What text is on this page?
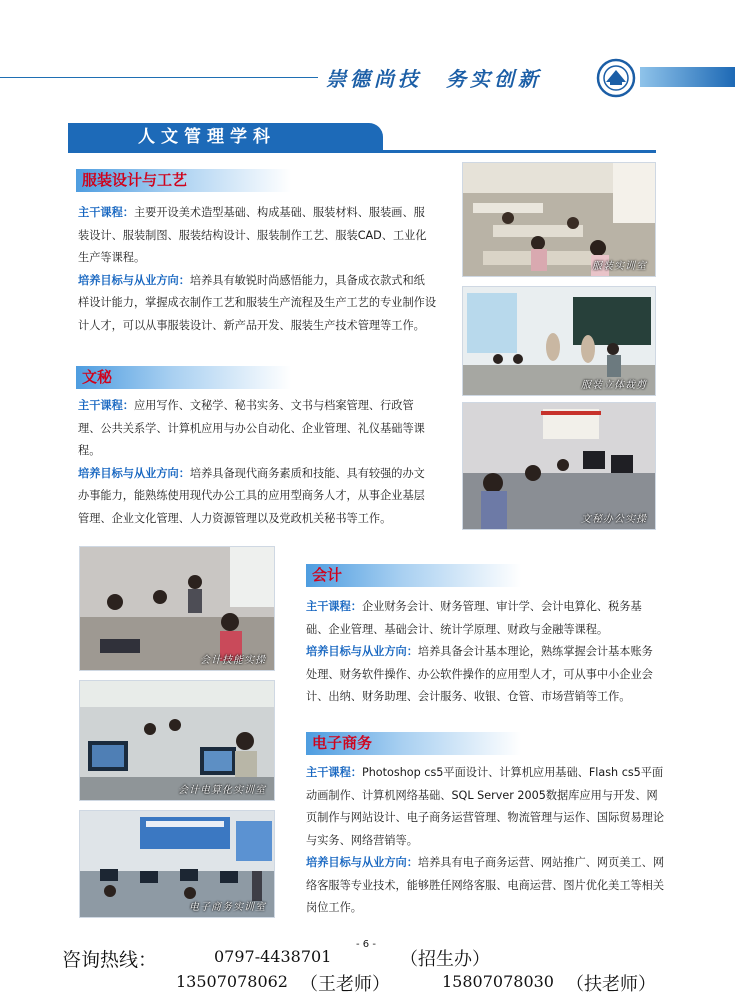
崇德尚技　务实创新
人文管理学科
服装设计与工艺
主干课程：主要开设美术造型基础、构成基础、服装材料、服装画、服装设计、服装制图、服装结构设计、服装制作工艺、服装CAD、工业化生产等课程。
培养目标与从业方向：培养具有敏锐时尚感悟能力，具备成衣款式和纸样设计能力，掌握成衣制作工艺和服装生产流程及生产工艺的专业制作设计人才，可以从事服装设计、新产品开发、服装生产技术管理等工作。
文秘
主干课程：应用写作、文秘学、秘书实务、文书与档案管理、行政管理、公共关系学、计算机应用与办公自动化、企业管理、礼仪基础等课程。
培养目标与从业方向：培养具备现代商务素质和技能、具有较强的办文办事能力，能熟练使用现代办公工具的应用型商务人才，从事企业基层管理、企业文化管理、人力资源管理以及党政机关秘书等工作。
会计
主干课程：企业财务会计、财务管理、审计学、会计电算化、税务基础、企业管理、基础会计、统计学原理、财政与金融等课程。
培养目标与从业方向：培养具备会计基本理论，熟练掌握会计基本账务处理、财务软件操作、办公软件操作的应用型人才，可从事中小企业会计、出纳、财务助理、会计服务、收银、仓管、市场营销等工作。
电子商务
主干课程：Photoshop cs5平面设计、计算机应用基础、Flash cs5平面动画制作、计算机网络基础、SQL Server 2005数据库应用与开发、网页制作与网站设计、电子商务运营管理、物流管理与运作、国际贸易理论与实务、网络营销等。
培养目标与从业方向：培养具有电子商务运营、网站推广、网页美工、网络客服等专业技术，能够胜任网络客服、电商运营、图片优化美工等相关岗位工作。
服装实训室
服装立体裁剪
文秘办公实操
会计技能实操
会计电算化实训室
电子商务实训室
咨询热线：	0797-4438701
- 6 -
（招生办）
13507078062 （王老师）	15807078030 （扶老师）
